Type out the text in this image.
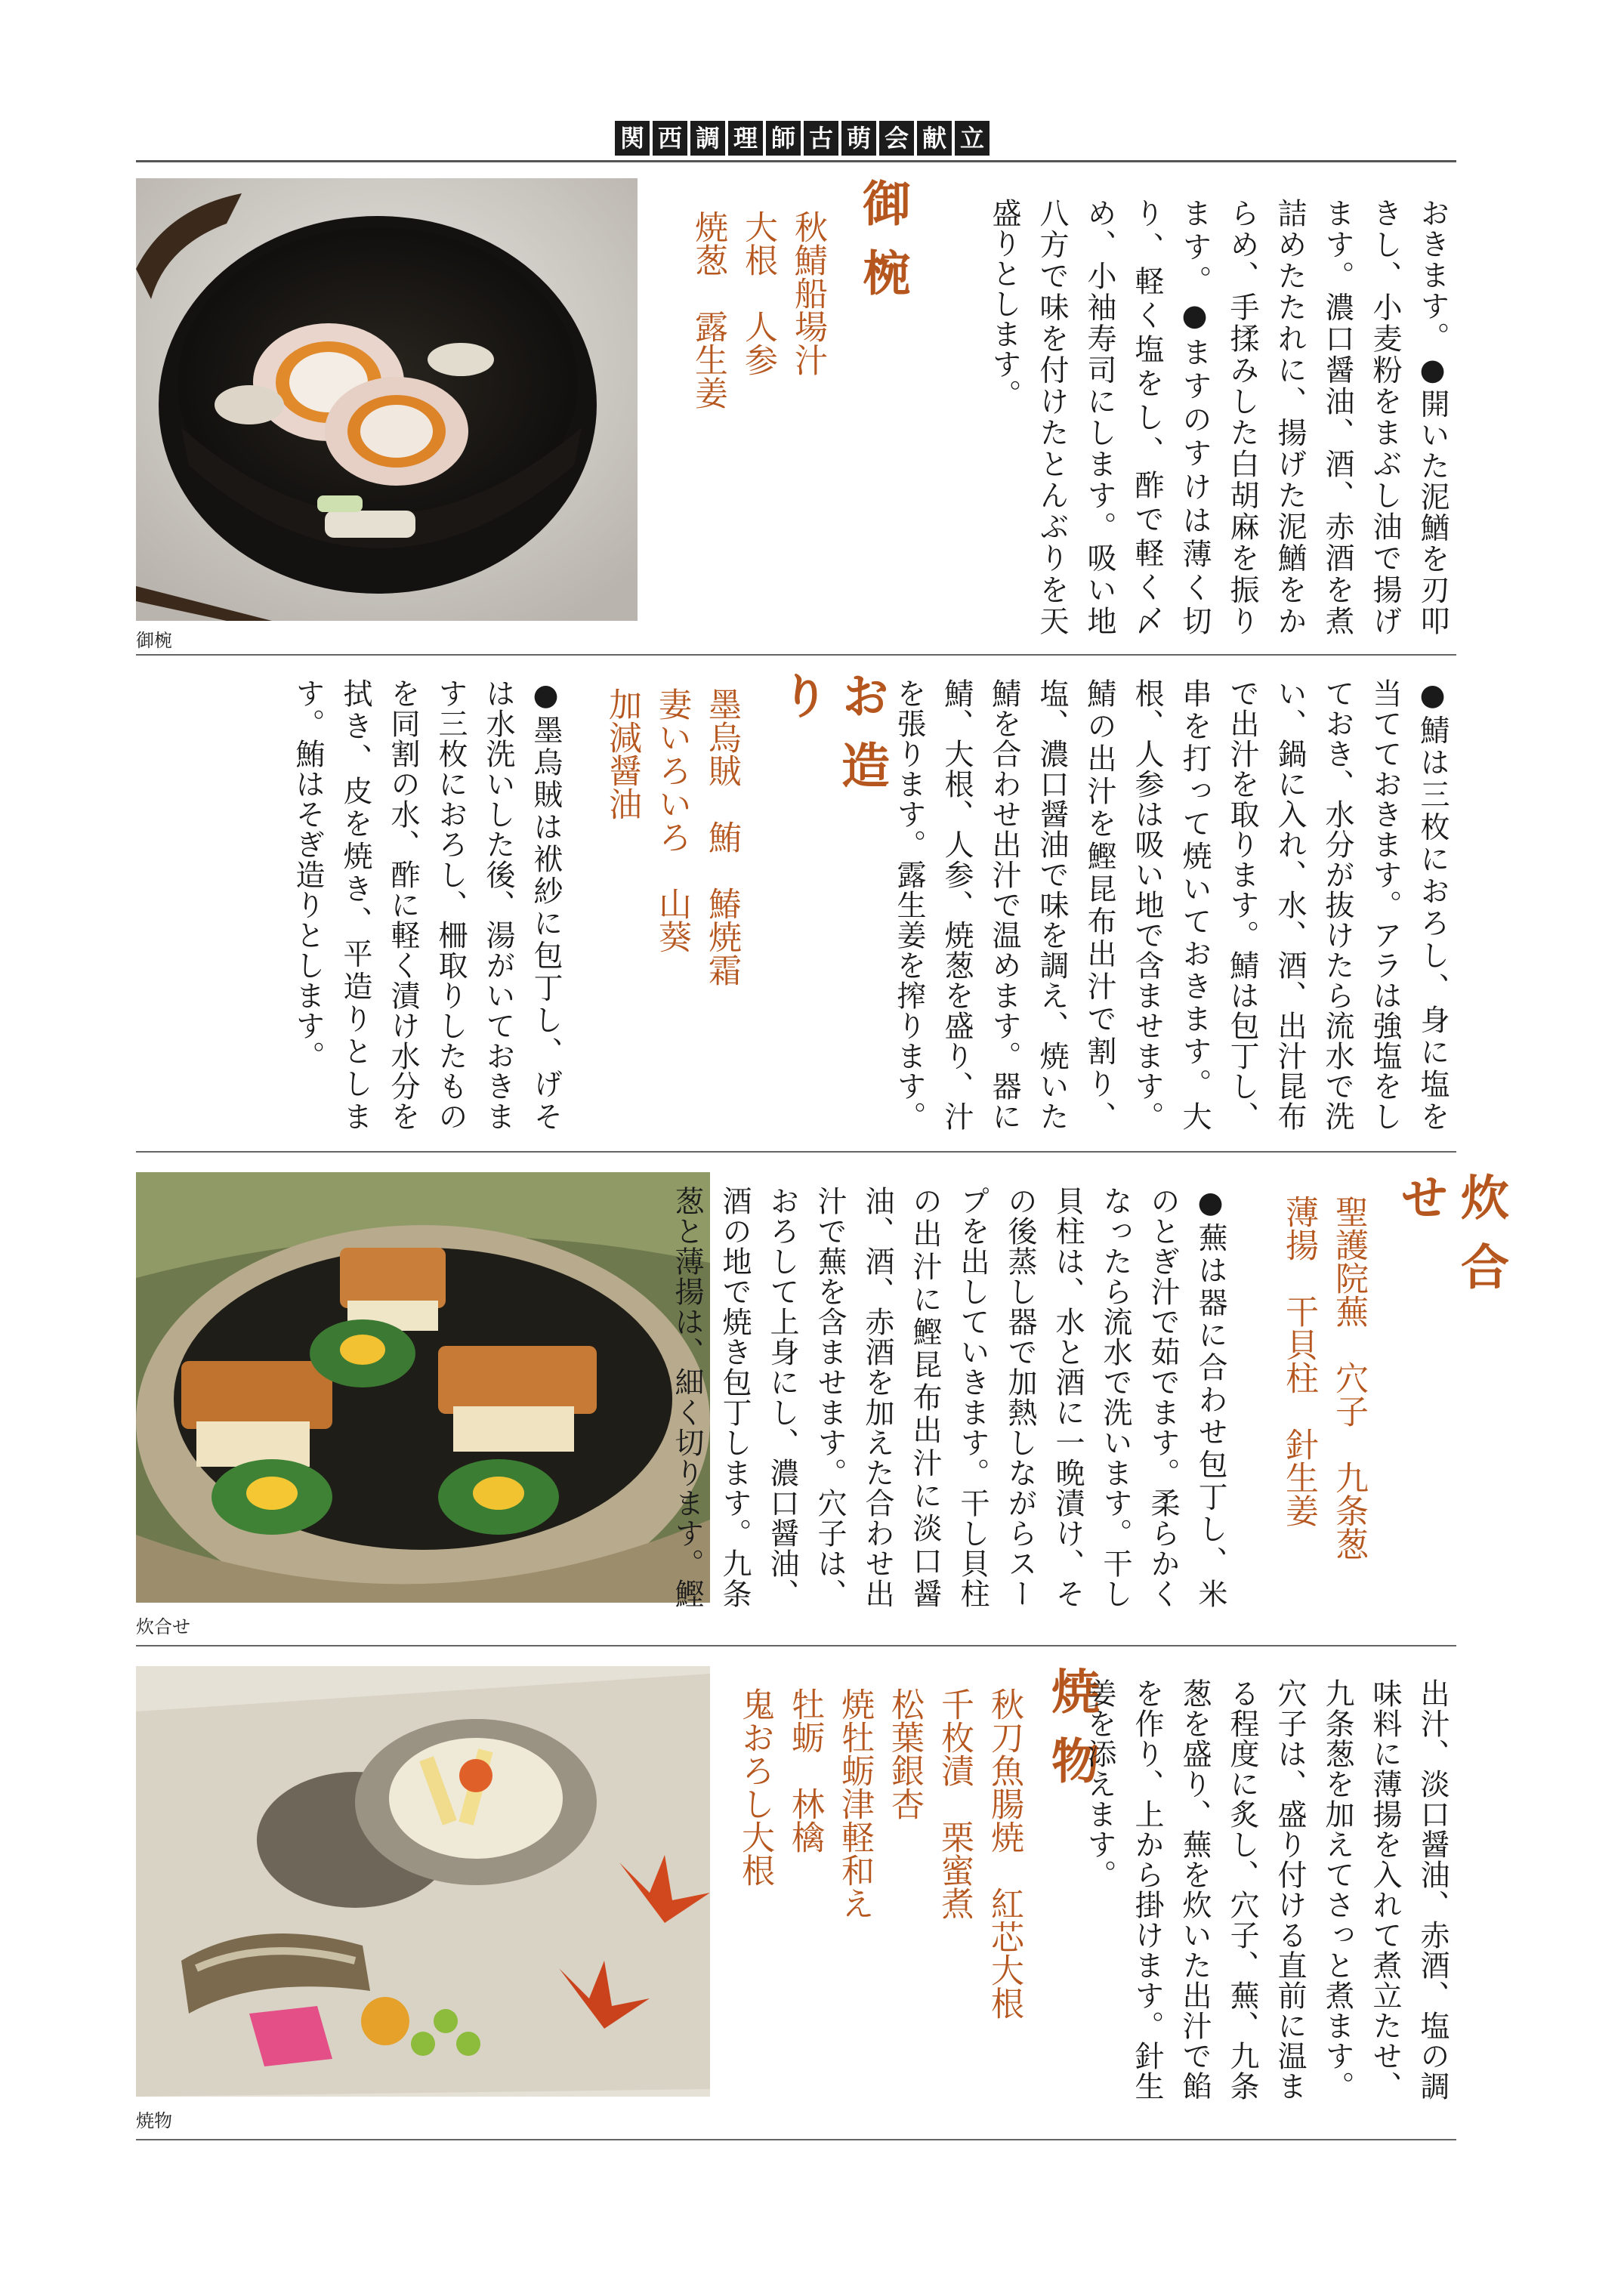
関 西 調 理 師 古 萌 会 献 立
御椀
御椀
秋鯖船場汁
大根　人参
焼葱　露生姜	おきます。●開いた泥鰌を刃叩きし、小麦粉をまぶし油で揚げます。濃口醤油、酒、赤酒を煮詰めたたれに、揚げた泥鰌をからめ、手揉みした白胡麻を振ります。●ますのすけは薄く切り、軽く塩をし、酢で軽く〆め、小袖寿司にします。吸い地八方で味を付けたとんぶりを天盛りとします。
●鯖は三枚におろし、身に塩を当てておきます。アラは強塩をしておき、水分が抜けたら流水で洗い、鍋に入れ、水、酒、出汁昆布で出汁を取ります。鯖は包丁し、串を打って焼いておきます。大根、人参は吸い地で含ませます。鯖の出汁を鰹昆布出汁で割り、塩、濃口醤油で味を調え、焼いた鯖を合わせ出汁で温めます。器に鯖、大根、人参、焼葱を盛り、汁を張ります。露生姜を搾ります。
お造り
墨烏賊　鮪　鰆焼霜
妻いろいろ　山葵
加減醤油
●墨烏賊は袱紗に包丁し、げそは水洗いした後、湯がいておきます三枚におろし、柵取りしたものを同割の水、酢に軽く漬け水分を拭き、皮を焼き、平造りとします。鮪はそぎ造りとします。
炊合せ
炊合せ
聖護院蕪　穴子　九条葱
薄揚　干貝柱　針生姜
●蕪は器に合わせ包丁し、米のとぎ汁で茹でます。柔らかくなったら流水で洗います。干し貝柱は、水と酒に一晩漬け、その後蒸し器で加熱しながらスープを出していきます。干し貝柱の出汁に鰹昆布出汁に淡口醤油、酒、赤酒を加えた合わせ出汁で蕪を含ませます。穴子は、おろして上身にし、濃口醤油、酒の地で焼き包丁します。九条葱と薄揚は、細く切ります。鰹
焼物
焼物
秋刀魚腸焼　紅芯大根
千枚漬　栗蜜煮
松葉銀杏
焼牡蛎津軽和え
牡蛎　林檎
鬼おろし大根	出汁、淡口醤油、赤酒、塩の調味料に薄揚を入れて煮立たせ、九条葱を加えてさっと煮ます。穴子は、盛り付ける直前に温まる程度に炙し、穴子、蕪、九条葱を盛り、蕪を炊いた出汁で餡を作り、上から掛けます。針生姜を添えます。
